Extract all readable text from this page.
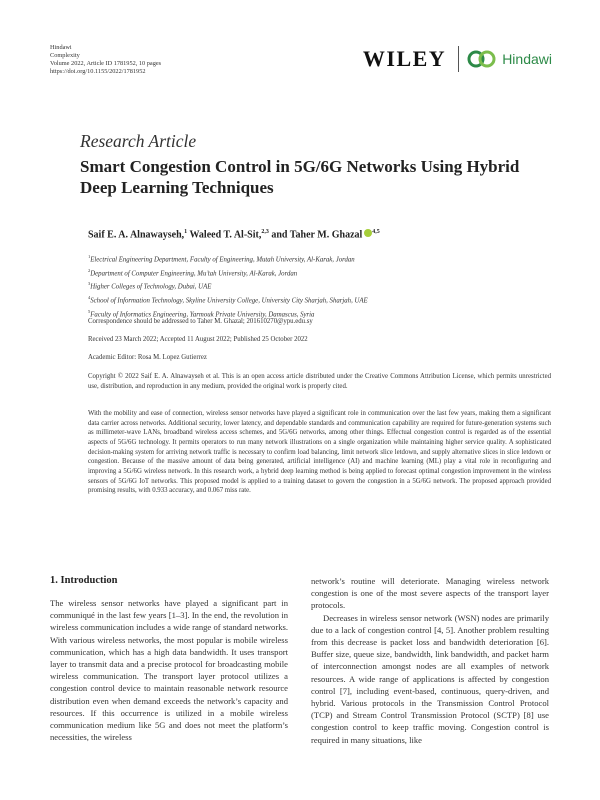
Hindawi
Complexity
Volume 2022, Article ID 1781952, 10 pages
https://doi.org/10.1155/2022/1781952
WILEY	Hindawi
Research Article
Smart Congestion Control in 5G/6G Networks Using Hybrid Deep Learning Techniques
Saif E. A. Alnawayseh,$^1$ Waleed T. Al-Sit,$^{2,3}$ and Taher M. Ghazal $^{4,5}$
$^1$Electrical Engineering Department, Faculty of Engineering, Mutah University, Al-Karak, Jordan
$^2$Department of Computer Engineering, Mu’tah University, Al-Karak, Jordan
$^3$Higher Colleges of Technology, Dubai, UAE
$^4$School of Information Technology, Skyline University College, University City Sharjah, Sharjah, UAE
$^5$Faculty of Informatics Engineering, Yarmouk Private University, Damascus, Syria
Correspondence should be addressed to Taher M. Ghazal; 201610270@ypu.edu.sy
Received 23 March 2022; Accepted 11 August 2022; Published 25 October 2022
Academic Editor: Rosa M. Lopez Gutierrez

Copyright © 2022 Saif E. A. Alnawayseh et al. This is an open access article distributed under the Creative Commons Attribution License, which permits unrestricted use, distribution, and reproduction in any medium, provided the original work is properly cited.

With the mobility and ease of connection, wireless sensor networks have played a significant role in communication over the last few years, making them a significant data carrier across networks. Additional security, lower latency, and dependable standards and communication capability are required for future-generation systems such as millimeter-wave LANs, broadband wireless access schemes, and 5G/6G networks, among other things. Effectual congestion control is regarded as of the essential aspects of 5G/6G technology. It permits operators to run many network illustrations on a single organization while maintaining higher service quality. A sophisticated decision-making system for arriving network traffic is necessary to confirm load balancing, limit network slice letdown, and supply alternative slices in slice letdown or congestion. Because of the massive amount of data being generated, artificial intelligence (AI) and machine learning (ML) play a vital role in reconfiguring and improving a 5G/6G wireless network. In this research work, a hybrid deep learning method is being applied to forecast optimal congestion improvement in the wireless sensors of 5G/6G IoT networks. This proposed model is applied to a training dataset to govern the congestion in a 5G/6G network. The proposed approach provided promising results, with 0.933 accuracy, and 0.067 miss rate.

1. Introduction

The wireless sensor networks have played a significant part in communiqué in the last few years [1–3]. In the end, the revolution in wireless communication includes a wide range of standard networks. With various wireless networks, the most popular is mobile wireless communication, which has a high data bandwidth. It uses transport layer to transmit data and a precise protocol for broadcasting mobile wireless communication. The transport layer protocol utilizes a congestion control device to maintain reasonable network resource distribution even when demand exceeds the network’s capacity and resources. If this occurrence is utilized in a mobile wireless communication medium like 5G and does not meet the platform’s necessities, the wireless

network’s routine will deteriorate. Managing wireless network congestion is one of the most severe aspects of the transport layer protocols.

Decreases in wireless sensor network (WSN) nodes are primarily due to a lack of congestion control [4, 5]. Another problem resulting from this decrease is packet loss and bandwidth deterioration [6]. Buffer size, queue size, bandwidth, link bandwidth, and packet harm of interconnection amongst nodes are all examples of network resources. A wide range of applications is affected by congestion control [7], including event-based, continuous, query-driven, and hybrid. Various protocols in the Transmission Control Protocol (TCP) and Stream Control Transmission Protocol (SCTP) [8] use congestion control to keep traffic moving. Congestion control is required in many situations, like
